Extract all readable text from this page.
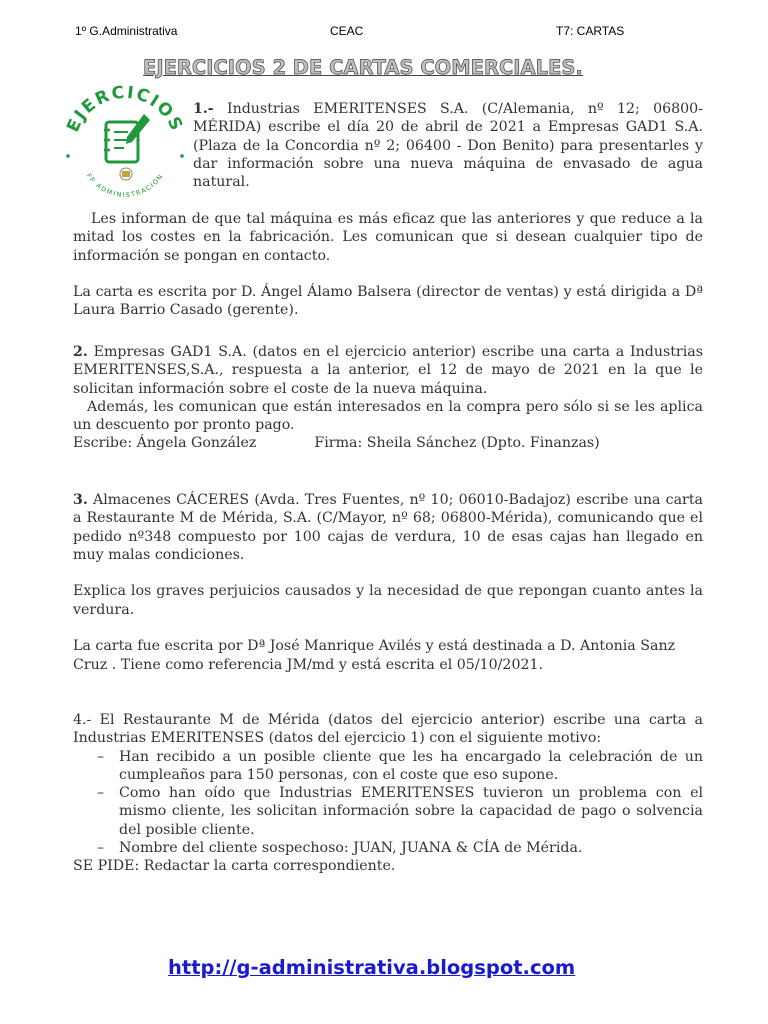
1º G.Administrativa	CEAC	T7: CARTAS
EJERCICIOS 2 DE CARTAS COMERCIALES.
EJERCICIOS
FP ADMINISTRACIÓN
1.- Industrias EMERITENSES S.A. (C/Alemania, nº 12; 06800-MÉRIDA) escribe el día 20 de abril de 2021 a Empresas GAD1 S.A. (Plaza de la Concordia nº 2; 06400 - Don Benito) para presentarles y dar información sobre una nueva máquina de envasado de agua natural.

Les informan de que tal máquina es más eficaz que las anteriores y que reduce a la mitad los costes en la fabricación. Les comunican que si desean cualquier tipo de información se pongan en contacto.

La carta es escrita por D. Ángel Álamo Balsera (director de ventas) y está dirigida a Dª Laura Barrio Casado (gerente).

2. Empresas GAD1 S.A. (datos en el ejercicio anterior) escribe una carta a Industrias EMERITENSES,S.A., respuesta a la anterior, el 12 de mayo de 2021 en la que le solicitan información sobre el coste de la nueva máquina.

Además, les comunican que están interesados en la compra pero sólo si se les aplica un descuento por pronto pago.

Escribe: Ángela González	Firma: Sheila Sánchez (Dpto. Finanzas)

3. Almacenes CÁCERES (Avda. Tres Fuentes, nº 10; 06010-Badajoz) escribe una carta a Restaurante M de Mérida, S.A. (C/Mayor, nº 68; 06800-Mérida), comunicando que el pedido nº348 compuesto por 100 cajas de verdura, 10 de esas cajas han llegado en muy malas condiciones.

Explica los graves perjuicios causados y la necesidad de que repongan cuanto antes la verdura.

La carta fue escrita por Dª José Manrique Avilés y está destinada a D. Antonia Sanz Cruz . Tiene como referencia JM/md y está escrita el 05/10/2021.

4.- El Restaurante M de Mérida (datos del ejercicio anterior) escribe una carta a Industrias EMERITENSES (datos del ejercicio 1) con el siguiente motivo:

– Han recibido a un posible cliente que les ha encargado la celebración de un cumpleaños para 150 personas, con el coste que eso supone.
– Como han oído que Industrias EMERITENSES tuvieron un problema con el mismo cliente, les solicitan información sobre la capacidad de pago o solvencia del posible cliente.
– Nombre del cliente sospechoso: JUAN, JUANA & CÍA de Mérida.

SE PIDE: Redactar la carta correspondiente.

http://g-administrativa.blogspot.com
